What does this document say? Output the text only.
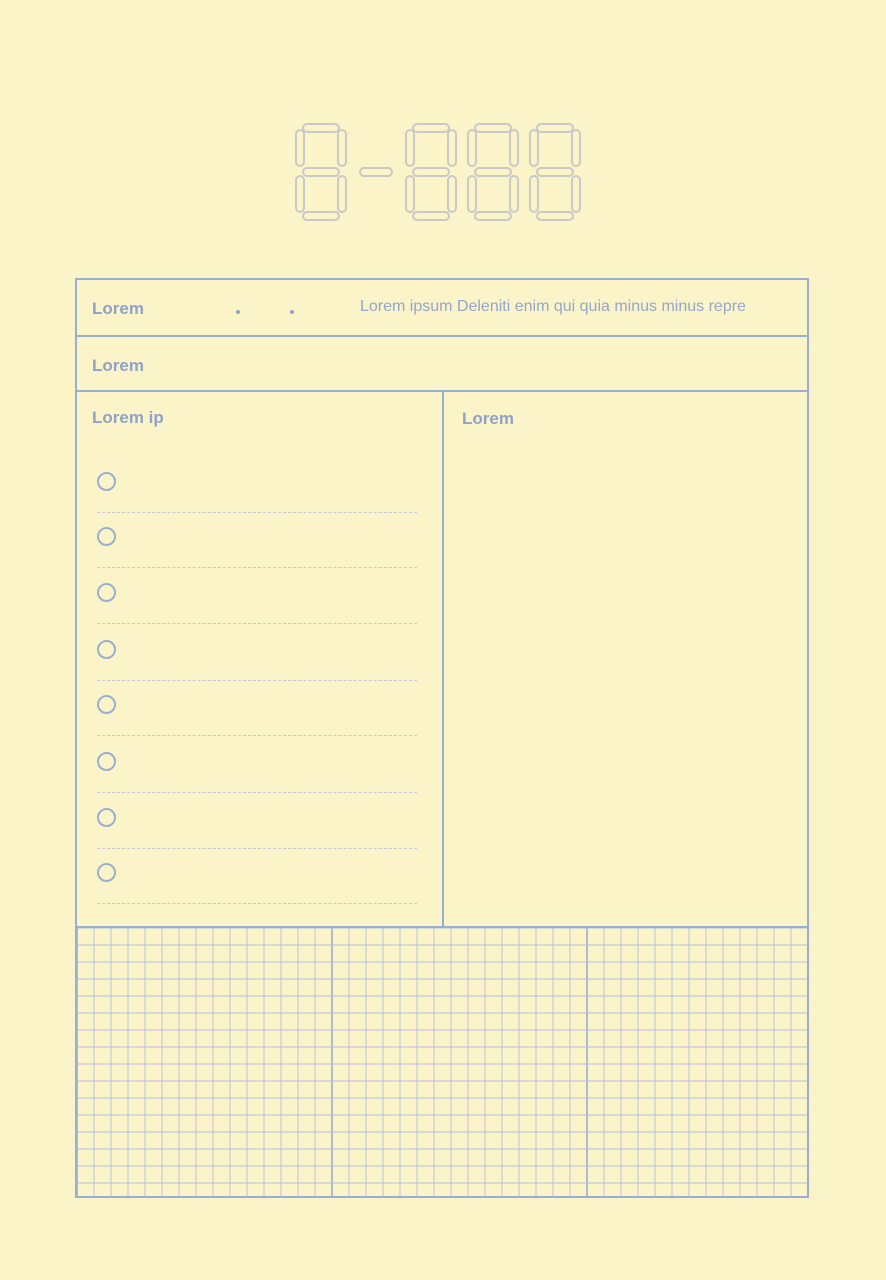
Lorem	Lorem ipsum Deleniti enim qui quia minus minus repre
Lorem
Lorem ip	Lorem
